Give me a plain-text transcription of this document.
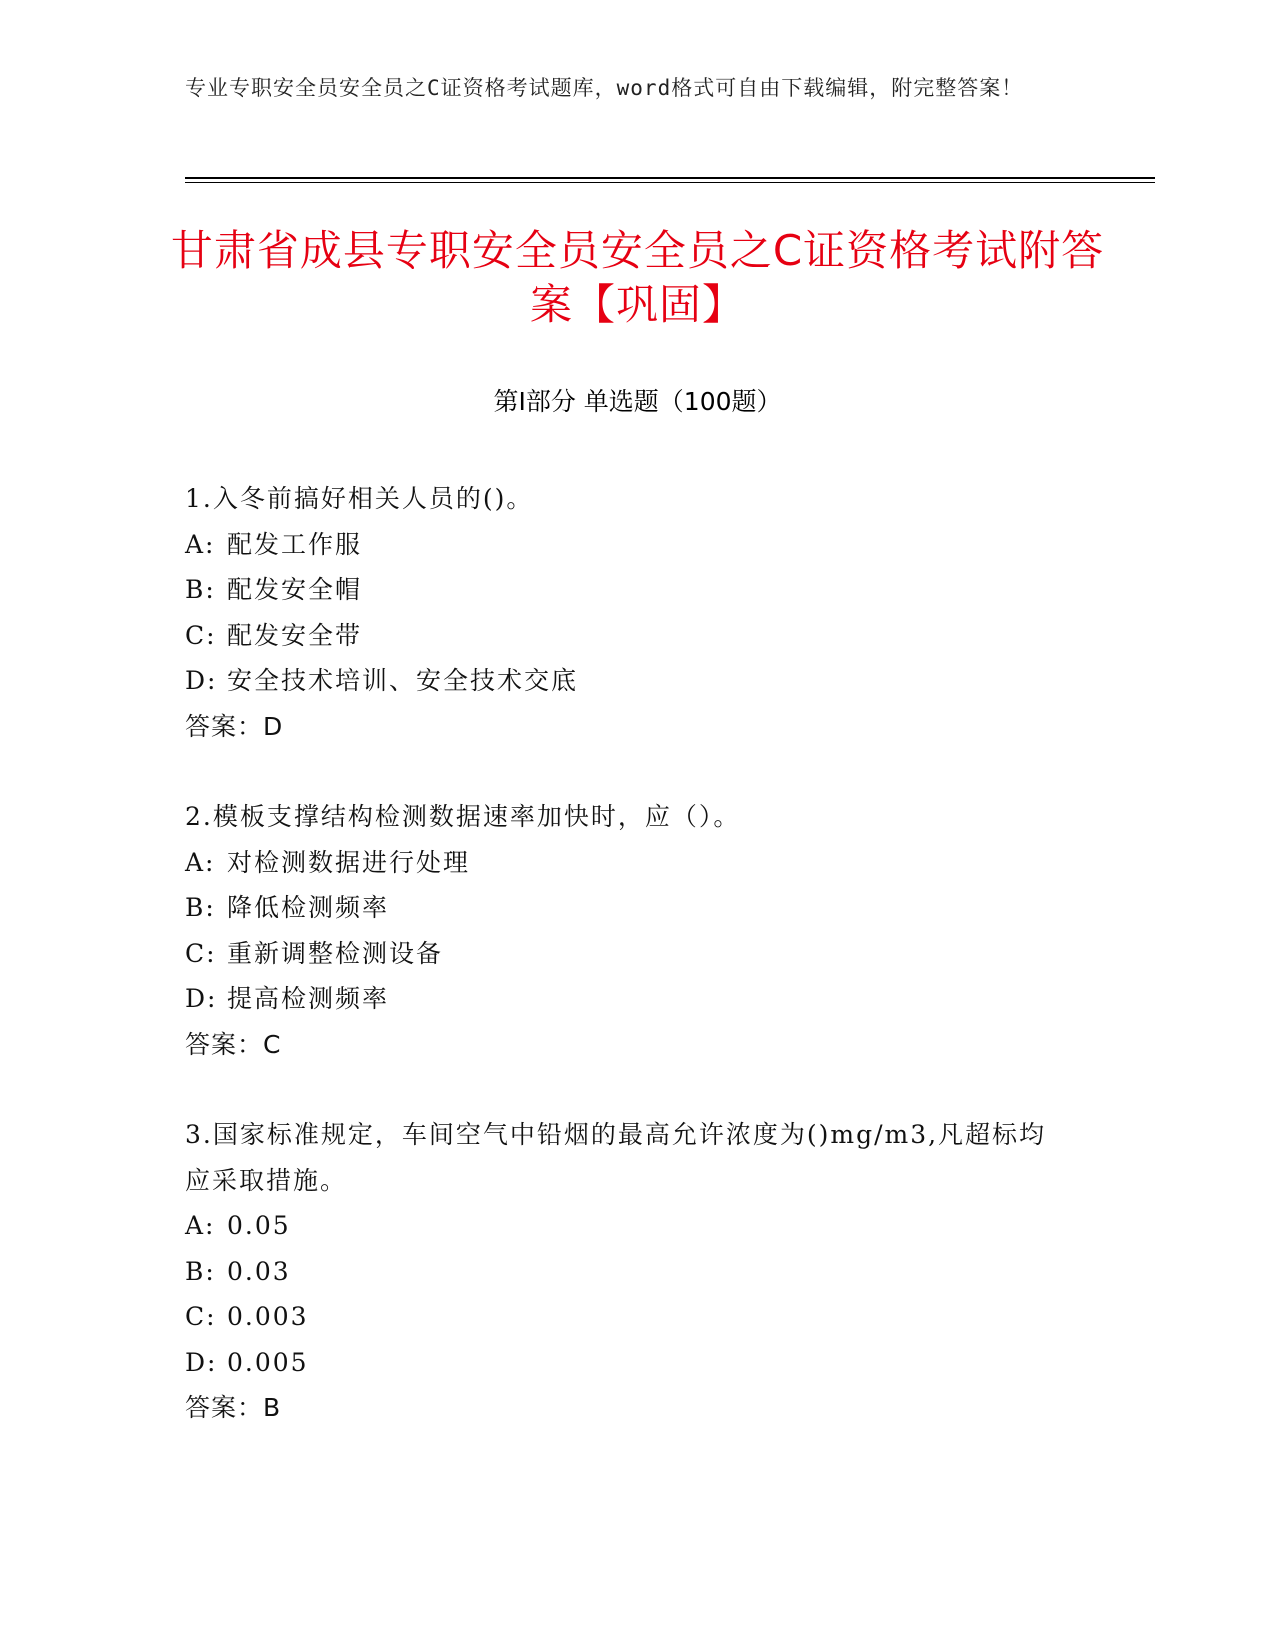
专业专职安全员安全员之C证资格考试题库，word格式可自由下载编辑，附完整答案！
甘肃省成县专职安全员安全员之C证资格考试附答案【巩固】
第Ⅰ部分 单选题（100题）
1.入冬前搞好相关人员的()。
A: 配发工作服
B: 配发安全帽
C: 配发安全带
D: 安全技术培训、安全技术交底
答案：D
2.模板支撑结构检测数据速率加快时，应（）。
A: 对检测数据进行处理
B: 降低检测频率
C: 重新调整检测设备
D: 提高检测频率
答案：C
3.国家标准规定，车间空气中铅烟的最高允许浓度为()mg/m3,凡超标均应采取措施。
A: 0.05
B: 0.03
C: 0.003
D: 0.005
答案：B
